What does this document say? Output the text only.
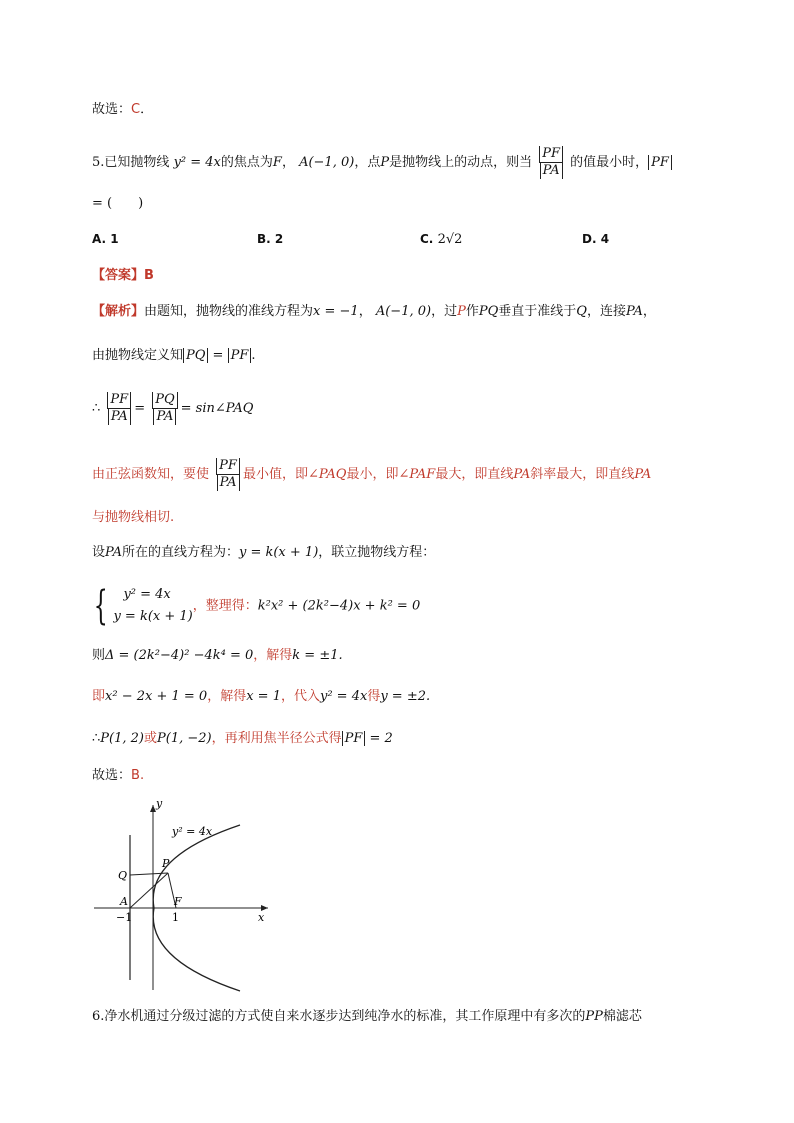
故选：C．
5.已知抛物线 y² = 4x的焦点为F， A(−1, 0)，点P是抛物线上的动点，则当 $\frac{PF}{PA}$ 的值最小时， PF
= (　　)
A. 1	B. 2	C. 2√2	D. 4
【答案】B
【解析】由题知，抛物线的准线方程为x = −1， A(−1, 0)，过P作PQ垂直于准线于Q，连接PA，
由抛物线定义知 PQ = PF .
∴ $\frac{PF}{PA} = \frac{PQ}{PA}$ = sin∠PAQ
由正弦函数知，要使 $\frac{PF}{PA}$ 最小值，即∠PAQ最小，即∠PAF最大，即直线PA斜率最大，即直线PA
与抛物线相切.
设PA所在的直线方程为：y = k(x + 1)，联立抛物线方程：
{	y² = 4x
y = k(x + 1)
，整理得：k²x² + (2k²−4)x + k² = 0
则Δ = (2k²−4)² −4k⁴ = 0，解得k = ±1.
即x² − 2x + 1 = 0，解得x = 1，代入y² = 4x得y = ±2.
∴P(1, 2)或P(1, −2)，再利用焦半径公式得 PF = 2
故选：B.
y
x
y² = 4x
Q
P
A	F
−1	1
6.净水机通过分级过滤的方式使自来水逐步达到纯净水的标准，其工作原理中有多次的PP棉滤芯
